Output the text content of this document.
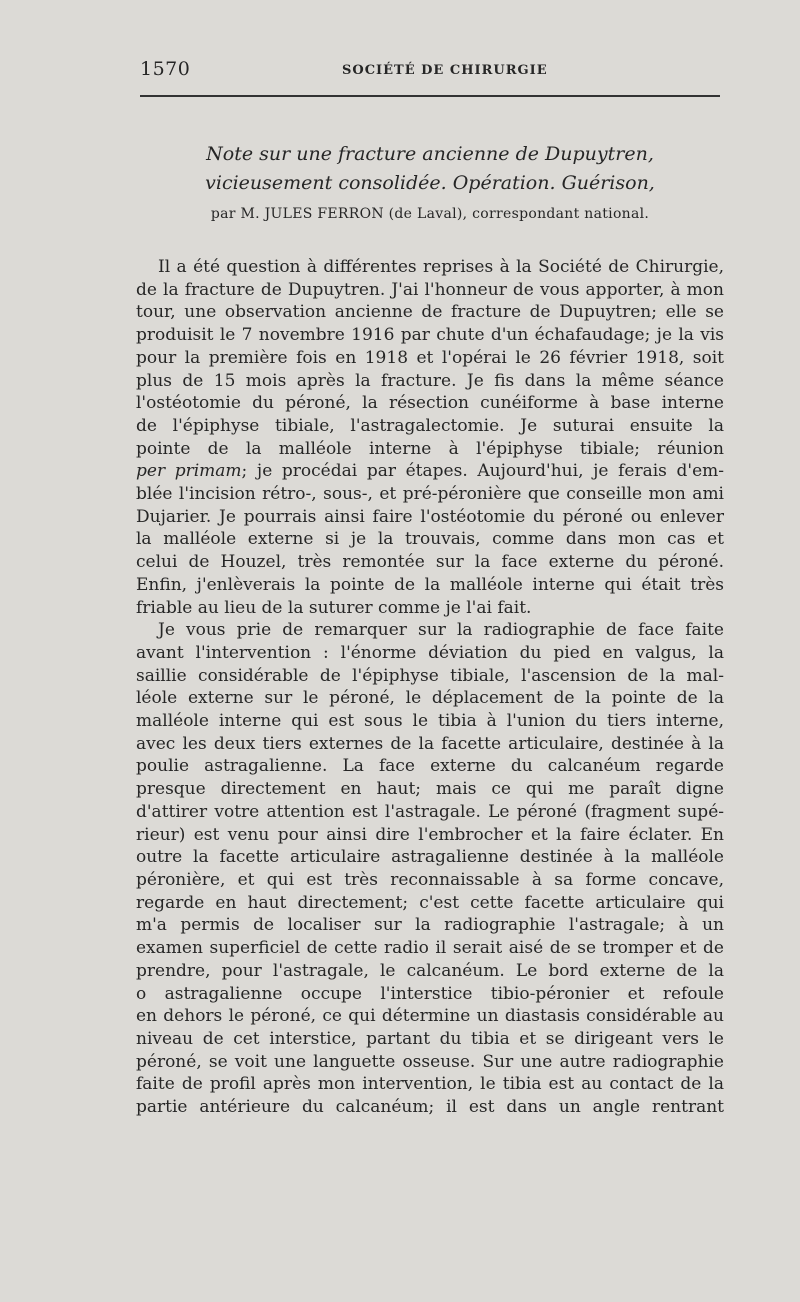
1570	SOCIÉTÉ DE CHIRURGIE
Note sur une fracture ancienne de Dupuytren,
vicieusement consolidée. Opération. Guérison,
par M. JULES FERRON (de Laval), correspondant national.

Il a été question à différentes reprises à la Société de Chirurgie,

de la fracture de Dupuytren. J'ai l'honneur de vous apporter, à mon

tour, une observation ancienne de fracture de Dupuytren; elle se

produisit le 7 novembre 1916 par chute d'un échafaudage; je la vis

pour la première fois en 1918 et l'opérai le 26 février 1918, soit

plus de 15 mois après la fracture. Je fis dans la même séance

l'ostéotomie du péroné, la résection cunéiforme à base interne

de l'épiphyse tibiale, l'astragalectomie. Je suturai ensuite la

pointe de la malléole interne à l'épiphyse tibiale; réunion

per primam; je procédai par étapes. Aujourd'hui, je ferais d'em-

blée l'incision rétro-, sous-, et pré-péronière que conseille mon ami

Dujarier. Je pourrais ainsi faire l'ostéotomie du péroné ou enlever

la malléole externe si je la trouvais, comme dans mon cas et

celui de Houzel, très remontée sur la face externe du péroné.

Enfin, j'enlèverais la pointe de la malléole interne qui était très

friable au lieu de la suturer comme je l'ai fait.

Je vous prie de remarquer sur la radiographie de face faite

avant l'intervention : l'énorme déviation du pied en valgus, la

saillie considérable de l'épiphyse tibiale, l'ascension de la mal-

léole externe sur le péroné, le déplacement de la pointe de la

malléole interne qui est sous le tibia à l'union du tiers interne,

avec les deux tiers externes de la facette articulaire, destinée à la

poulie astragalienne. La face externe du calcanéum regarde

presque directement en haut; mais ce qui me paraît digne

d'attirer votre attention est l'astragale. Le péroné (fragment supé-

rieur) est venu pour ainsi dire l'embrocher et la faire éclater. En

outre la facette articulaire astragalienne destinée à la malléole

péronière, et qui est très reconnaissable à sa forme concave,

regarde en haut directement; c'est cette facette articulaire qui

m'a permis de localiser sur la radiographie l'astragale; à un

examen superficiel de cette radio il serait aisé de se tromper et de

prendre, pour l'astragale, le calcanéum. Le bord externe de la

o astragalienne occupe l'interstice tibio-péronier et refoule

en dehors le péroné, ce qui détermine un diastasis considérable au

niveau de cet interstice, partant du tibia et se dirigeant vers le

péroné, se voit une languette osseuse. Sur une autre radiographie

faite de profil après mon intervention, le tibia est au contact de la

partie antérieure du calcanéum; il est dans un angle rentrant
